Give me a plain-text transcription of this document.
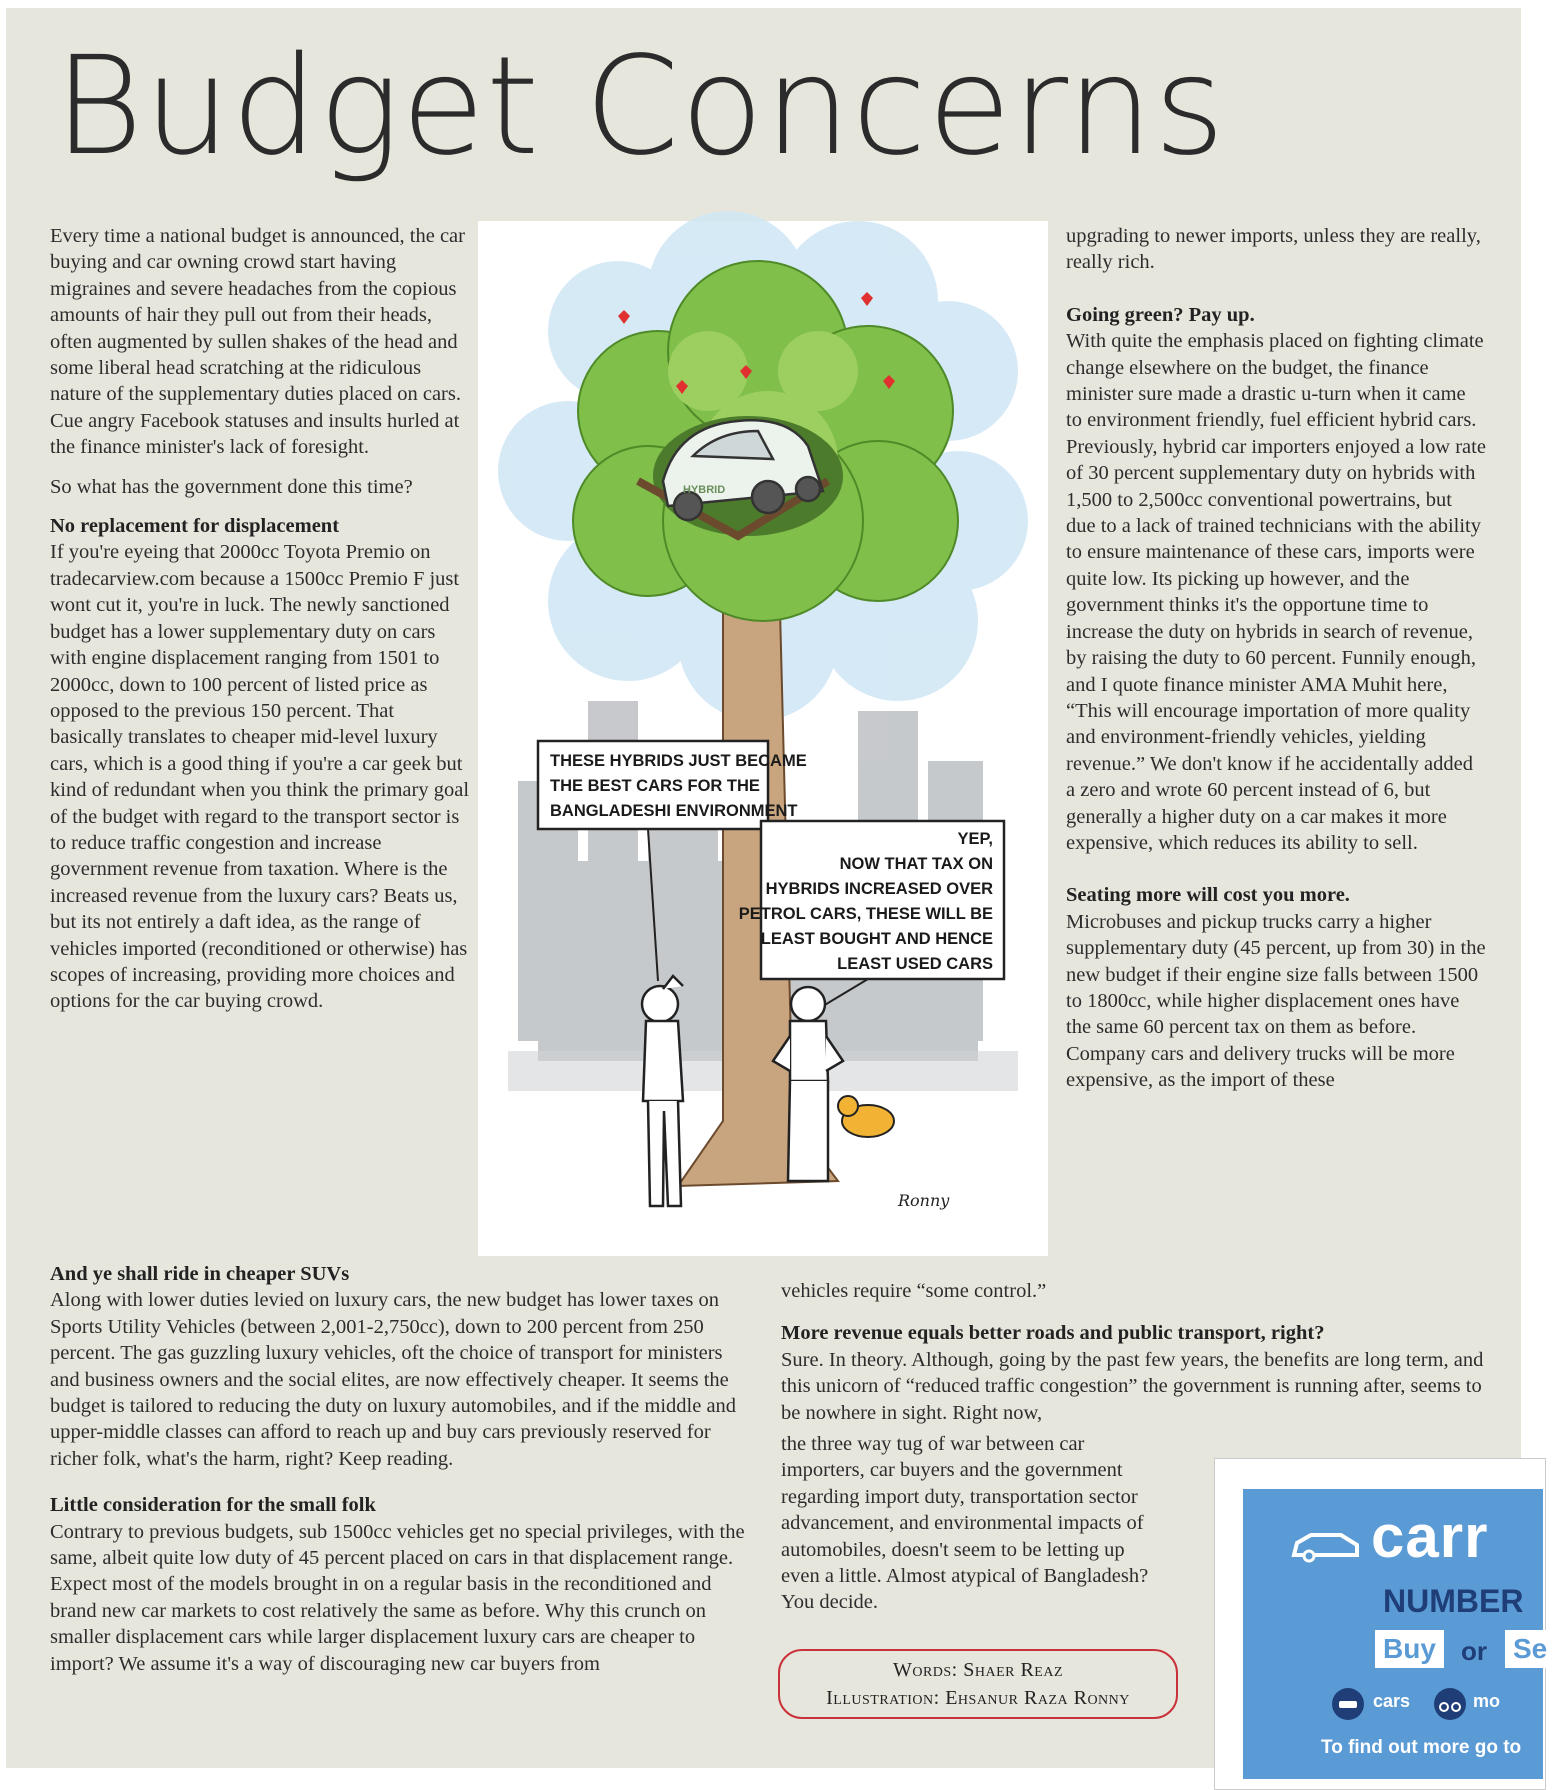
Budget Concerns

Every time a national budget is announced, the car buying and car owning crowd start having migraines and severe headaches from the copious amounts of hair they pull out from their heads, often augmented by sullen shakes of the head and some liberal head scratching at the ridiculous nature of the supplementary duties placed on cars. Cue angry Facebook statuses and insults hurled at the finance minister's lack of foresight.

So what has the government done this time?

No replacement for displacement

If you're eyeing that 2000cc Toyota Premio on tradecarview.com because a 1500cc Premio F just wont cut it, you're in luck. The newly sanctioned budget has a lower supplementary duty on cars with engine displacement ranging from 1501 to 2000cc, down to 100 percent of listed price as opposed to the previous 150 percent. That basically translates to cheaper mid-level luxury cars, which is a good thing if you're a car geek but kind of redundant when you think the primary goal of the budget with regard to the transport sector is to reduce traffic congestion and increase government revenue from taxation. Where is the increased revenue from the luxury cars? Beats us, but its not entirely a daft idea, as the range of vehicles imported (reconditioned or otherwise) has scopes of increasing, providing more choices and options for the car buying crowd.

HYBRID
THESE HYBRIDS JUST BECAME
THE BEST CARS FOR THE
BANGLADESHI ENVIRONMENT
YEP,
NOW THAT TAX ON
HYBRIDS INCREASED OVER
PETROL CARS, THESE WILL BE
LEAST BOUGHT AND HENCE
LEAST USED CARS
Ronny

upgrading to newer imports, unless they are really, really rich.

Going green? Pay up.

With quite the emphasis placed on fighting climate change elsewhere on the budget, the finance minister sure made a drastic u-turn when it came to environment friendly, fuel efficient hybrid cars. Previously, hybrid car importers enjoyed a low rate of 30 percent supplementary duty on hybrids with 1,500 to 2,500cc conventional powertrains, but due to a lack of trained technicians with the ability to ensure maintenance of these cars, imports were quite low. Its picking up however, and the government thinks it's the opportune time to increase the duty on hybrids in search of revenue, by raising the duty to 60 percent. Funnily enough, and I quote finance minister AMA Muhit here, “This will encourage importation of more quality and environment-friendly vehicles, yielding revenue.” We don't know if he accidentally added a zero and wrote 60 percent instead of 6, but generally a higher duty on a car makes it more expensive, which reduces its ability to sell.

Seating more will cost you more.

Microbuses and pickup trucks carry a higher supplementary duty (45 percent, up from 30) in the new budget if their engine size falls between 1500 to 1800cc, while higher displacement ones have the same 60 percent tax on them as before. Company cars and delivery trucks will be more expensive, as the import of these

And ye shall ride in cheaper SUVs

Along with lower duties levied on luxury cars, the new budget has lower taxes on Sports Utility Vehicles (between 2,001-2,750cc), down to 200 percent from 250 percent. The gas guzzling luxury vehicles, oft the choice of transport for ministers and business owners and the social elites, are now effectively cheaper. It seems the budget is tailored to reducing the duty on luxury automobiles, and if the middle and upper-middle classes can afford to reach up and buy cars previously reserved for richer folk, what's the harm, right? Keep reading.

Little consideration for the small folk

Contrary to previous budgets, sub 1500cc vehicles get no special privileges, with the same, albeit quite low duty of 45 percent placed on cars in that displacement range. Expect most of the models brought in on a regular basis in the reconditioned and brand new car markets to cost relatively the same as before. Why this crunch on smaller displacement cars while larger displacement luxury cars are cheaper to import? We assume it's a way of discouraging new car buyers from

vehicles require “some control.”

More revenue equals better roads and public transport, right?

Sure. In theory. Although, going by the past few years, the benefits are long term, and this unicorn of “reduced traffic congestion” the government is running after, seems to be nowhere in sight. Right now,

the three way tug of war between car importers, car buyers and the government regarding import duty, transportation sector advancement, and environmental impacts of automobiles, doesn't seem to be letting up even a little. Almost atypical of Bangladesh? You decide.

Words: Shaer Reaz
Illustration: Ehsanur Raza Ronny
carr
NUMBER
Buy or Se
cars	mo
To find out more go to
